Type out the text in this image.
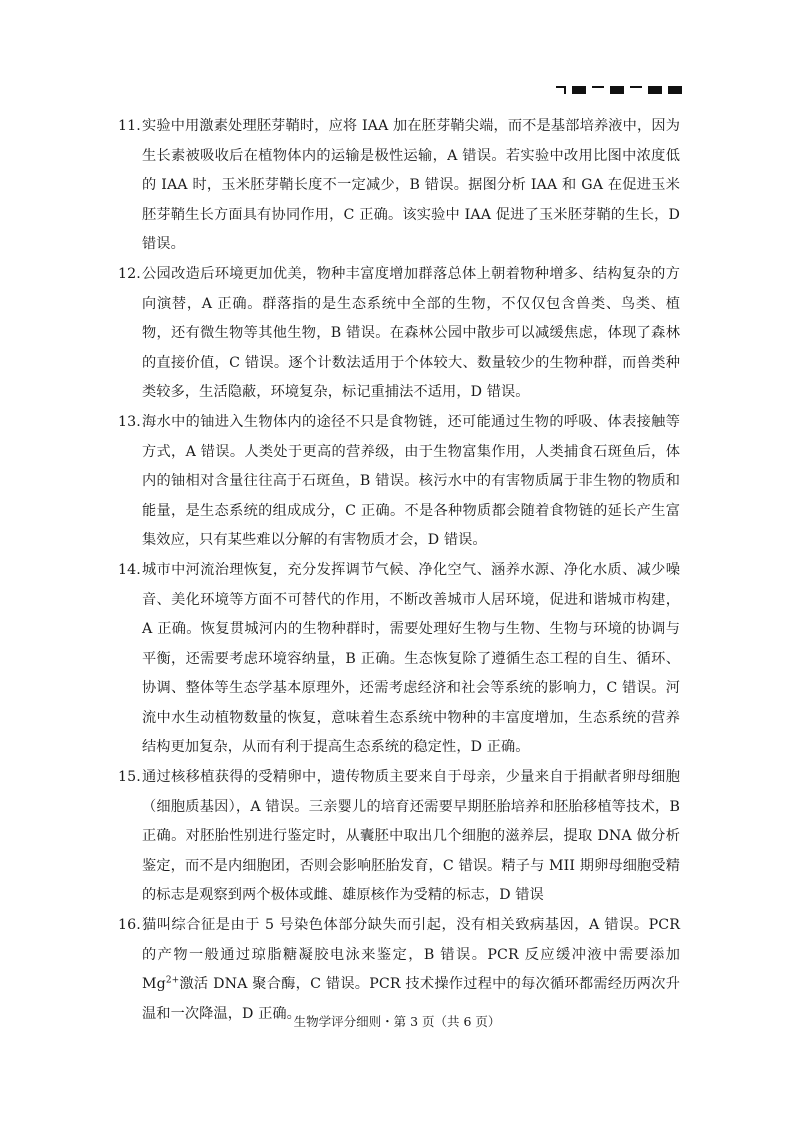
11. 实验中用激素处理胚芽鞘时，应将 IAA 加在胚芽鞘尖端，而不是基部培养液中，因为生长素被吸收后在植物体内的运输是极性运输，A 错误。若实验中改用比图中浓度低的 IAA 时，玉米胚芽鞘长度不一定减少，B 错误。据图分析 IAA 和 GA 在促进玉米胚芽鞘生长方面具有协同作用，C 正确。该实验中 IAA 促进了玉米胚芽鞘的生长，D 错误。
12. 公园改造后环境更加优美，物种丰富度增加群落总体上朝着物种增多、结构复杂的方向演替，A 正确。群落指的是生态系统中全部的生物，不仅仅包含兽类、鸟类、植物，还有微生物等其他生物，B 错误。在森林公园中散步可以减缓焦虑，体现了森林的直接价值，C 错误。逐个计数法适用于个体较大、数量较少的生物种群，而兽类种类较多，生活隐蔽，环境复杂，标记重捕法不适用，D 错误。
13. 海水中的铀进入生物体内的途径不只是食物链，还可能通过生物的呼吸、体表接触等方式，A 错误。人类处于更高的营养级，由于生物富集作用，人类捕食石斑鱼后，体内的铀相对含量往往高于石斑鱼，B 错误。核污水中的有害物质属于非生物的物质和能量，是生态系统的组成成分，C 正确。不是各种物质都会随着食物链的延长产生富集效应，只有某些难以分解的有害物质才会，D 错误。
14. 城市中河流治理恢复，充分发挥调节气候、净化空气、涵养水源、净化水质、减少噪音、美化环境等方面不可替代的作用，不断改善城市人居环境，促进和谐城市构建，A 正确。恢复贯城河内的生物种群时，需要处理好生物与生物、生物与环境的协调与平衡，还需要考虑环境容纳量，B 正确。生态恢复除了遵循生态工程的自生、循环、协调、整体等生态学基本原理外，还需考虑经济和社会等系统的影响力，C 错误。河流中水生动植物数量的恢复，意味着生态系统中物种的丰富度增加，生态系统的营养结构更加复杂，从而有利于提高生态系统的稳定性，D 正确。
15. 通过核移植获得的受精卵中，遗传物质主要来自于母亲，少量来自于捐献者卵母细胞（细胞质基因），A 错误。三亲婴儿的培育还需要早期胚胎培养和胚胎移植等技术，B 正确。对胚胎性别进行鉴定时，从囊胚中取出几个细胞的滋养层，提取 DNA 做分析鉴定，而不是内细胞团，否则会影响胚胎发育，C 错误。精子与 MII 期卵母细胞受精的标志是观察到两个极体或雌、雄原核作为受精的标志，D 错误
16. 猫叫综合征是由于 5 号染色体部分缺失而引起，没有相关致病基因，A 错误。PCR 的产物一般通过琼脂糖凝胶电泳来鉴定，B 错误。PCR 反应缓冲液中需要添加 $Mg^{2+}$激活 DNA 聚合酶，C 错误。PCR 技术操作过程中的每次循环都需经历两次升温和一次降温，D 正确。
生物学评分细则・第 3 页（共 6 页）
